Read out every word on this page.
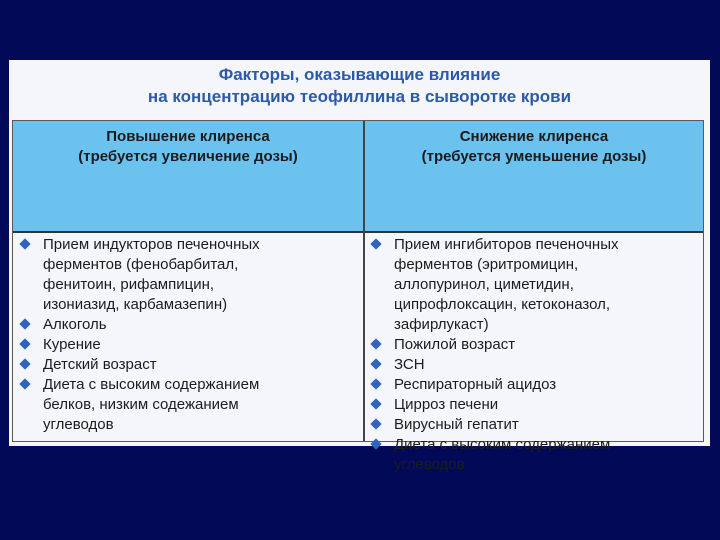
Факторы, оказывающие влияние
на концентрацию теофиллина в сыворотке крови
Повышение клиренса
(требуется увеличение дозы)
Снижение клиренса
(требуется уменьшение дозы)
Прием индукторов печеночных
ферментов (фенобарбитал,
фенитоин, рифампицин,
изониазид, карбамазепин)
Алкоголь
Курение
Детский возраст
Диета с высоким содержанием
белков, низким содежанием
углеводов
Прием ингибиторов печеночных
ферментов (эритромицин,
аллопуринол, циметидин,
ципрофлоксацин, кетоконазол,
зафирлукаст)
Пожилой возраст
ЗСН
Респираторный ацидоз
Цирроз печени
Вирусный гепатит
Диета с высоким содержанием
углеводов
